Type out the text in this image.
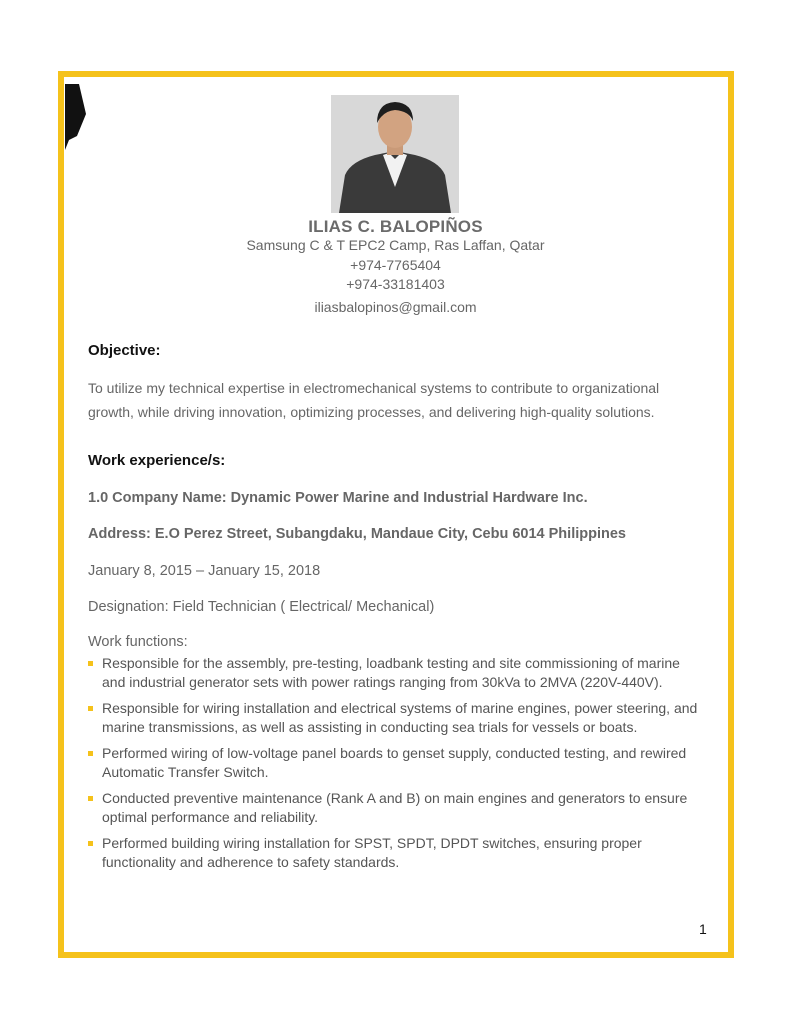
ILIAS C. BALOPIÑOS
Samsung C & T EPC2 Camp, Ras Laffan, Qatar
+974-7765404
+974-33181403
iliasbalopinos@gmail.com
Objective:
To utilize my technical expertise in electromechanical systems to contribute to organizational
growth, while driving innovation, optimizing processes, and delivering high-quality solutions.
Work experience/s:
1.0 Company Name: Dynamic Power Marine and Industrial Hardware Inc.
Address: E.O Perez Street, Subangdaku, Mandaue City, Cebu 6014 Philippines
January 8, 2015 – January 15, 2018
Designation: Field Technician ( Electrical/ Mechanical)
Work functions:
Responsible for the assembly, pre-testing, loadbank testing and site commissioning of marine and industrial generator sets with power ratings ranging from 30kVa to 2MVA (220V-440V).
Responsible for wiring installation and electrical systems of marine engines, power steering, and marine transmissions, as well as assisting in conducting sea trials for vessels or boats.
Performed wiring of low-voltage panel boards to genset supply, conducted testing, and rewired Automatic Transfer Switch.
Conducted preventive maintenance (Rank A and B) on main engines and generators to ensure optimal performance and reliability.
Performed building wiring installation for SPST, SPDT, DPDT switches, ensuring proper functionality and adherence to safety standards.
1
